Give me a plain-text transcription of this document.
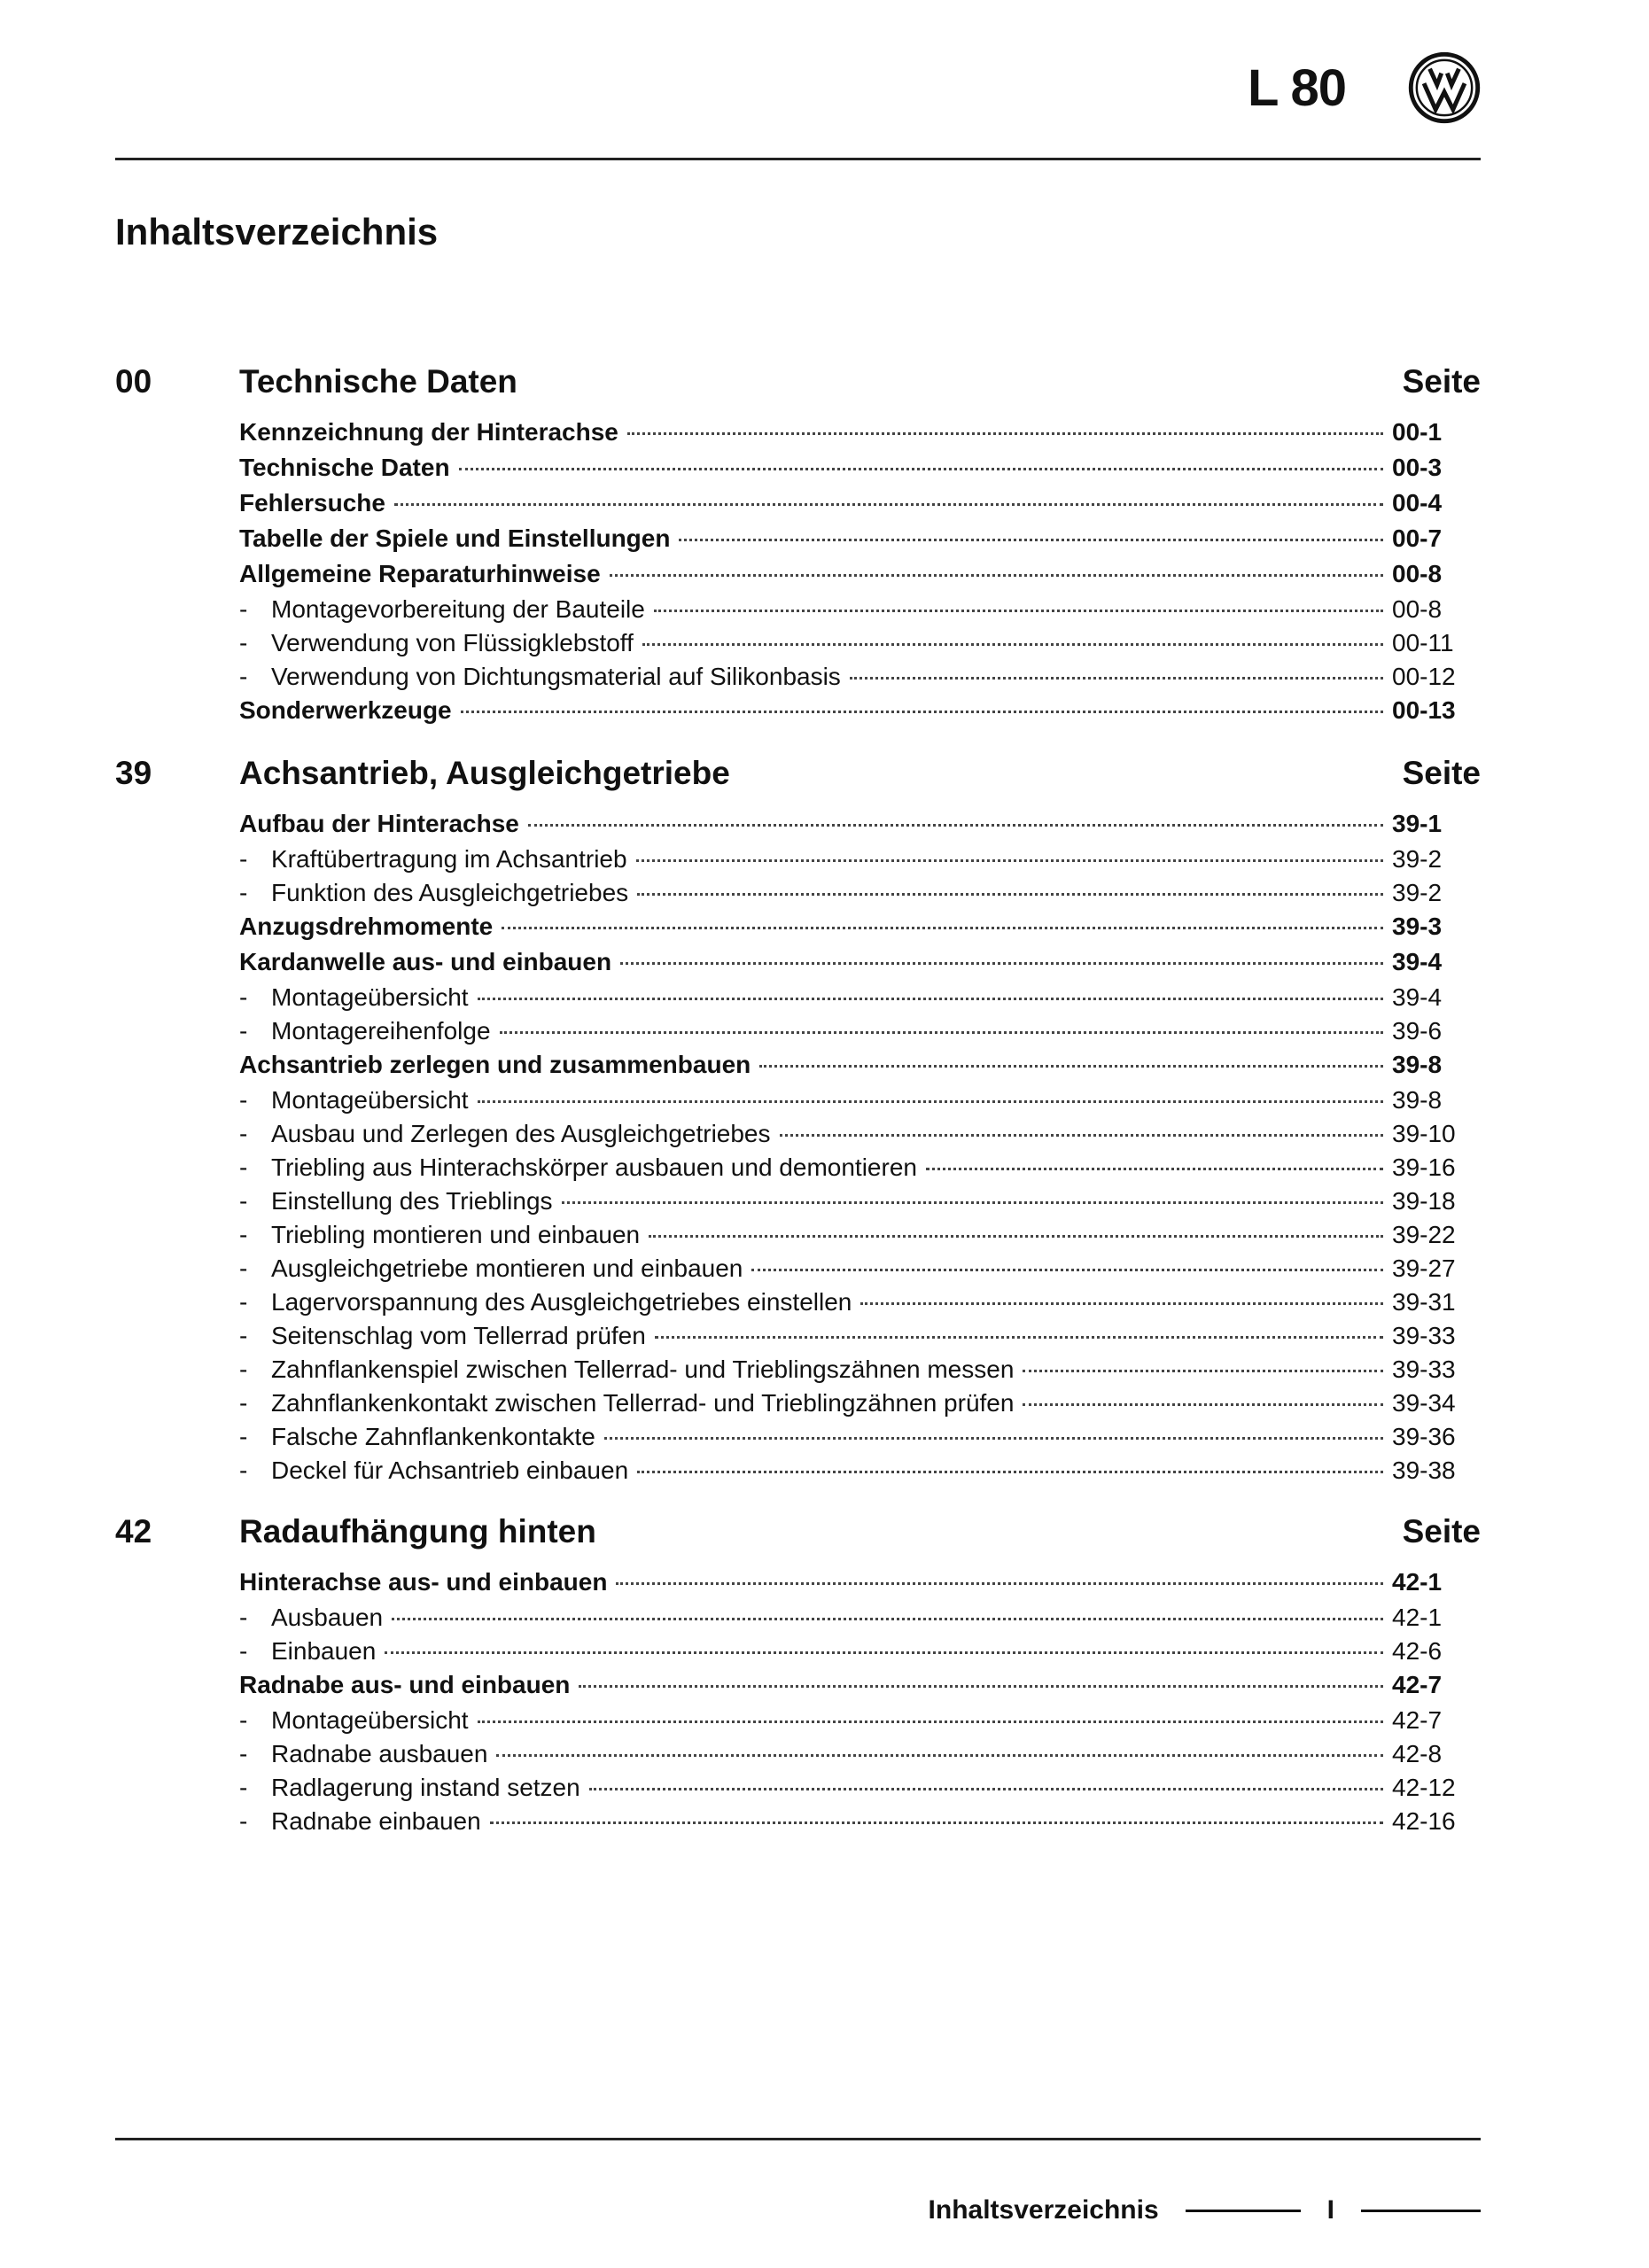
L 80
Inhaltsverzeichnis
00	Technische Daten	Seite
Kennzeichnung der Hinterachse	00-1
Technische Daten	00-3
Fehlersuche	00-4
Tabelle der Spiele und Einstellungen	00-7
Allgemeine Reparaturhinweise	00-8
- Montagevorbereitung der Bauteile	00-8
- Verwendung von Flüssigklebstoff	00-11
- Verwendung von Dichtungsmaterial auf Silikonbasis	00-12
Sonderwerkzeuge	00-13
39	Achsantrieb, Ausgleichgetriebe	Seite
Aufbau der Hinterachse	39-1
- Kraftübertragung im Achsantrieb	39-2
- Funktion des Ausgleichgetriebes	39-2
Anzugsdrehmomente	39-3
Kardanwelle aus- und einbauen	39-4
- Montageübersicht	39-4
- Montagereihenfolge	39-6
Achsantrieb zerlegen und zusammenbauen	39-8
- Montageübersicht	39-8
- Ausbau und Zerlegen des Ausgleichgetriebes	39-10
- Triebling aus Hinterachskörper ausbauen und demontieren	39-16
- Einstellung des Trieblings	39-18
- Triebling montieren und einbauen	39-22
- Ausgleichgetriebe montieren und einbauen	39-27
- Lagervorspannung des Ausgleichgetriebes einstellen	39-31
- Seitenschlag vom Tellerrad prüfen	39-33
- Zahnflankenspiel zwischen Tellerrad- und Trieblingszähnen messen	39-33
- Zahnflankenkontakt zwischen Tellerrad- und Trieblingzähnen prüfen	39-34
- Falsche Zahnflankenkontakte	39-36
- Deckel für Achsantrieb einbauen	39-38
42	Radaufhängung hinten	Seite
Hinterachse aus- und einbauen	42-1
- Ausbauen	42-1
- Einbauen	42-6
Radnabe aus- und einbauen	42-7
- Montageübersicht	42-7
- Radnabe ausbauen	42-8
- Radlagerung instand setzen	42-12
- Radnabe einbauen	42-16
Inhaltsverzeichnis	I
